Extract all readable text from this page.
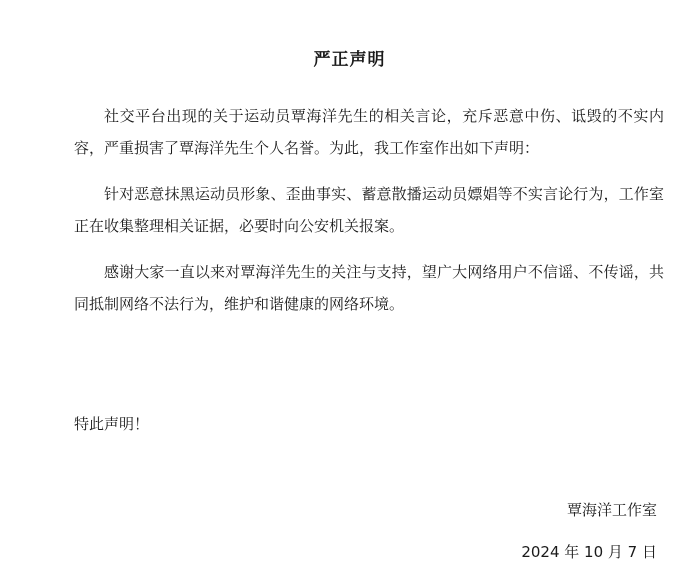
严正声明

社交平台出现的关于运动员覃海洋先生的相关言论，充斥恶意中伤、诋毁的不实内容，严重损害了覃海洋先生个人名誉。为此，我工作室作出如下声明：

针对恶意抹黑运动员形象、歪曲事实、蓄意散播运动员嫖娼等不实言论行为，工作室正在收集整理相关证据，必要时向公安机关报案。

感谢大家一直以来对覃海洋先生的关注与支持，望广大网络用户不信谣、不传谣，共同抵制网络不法行为，维护和谐健康的网络环境。

特此声明！
覃海洋工作室
2024 年 10 月 7 日
